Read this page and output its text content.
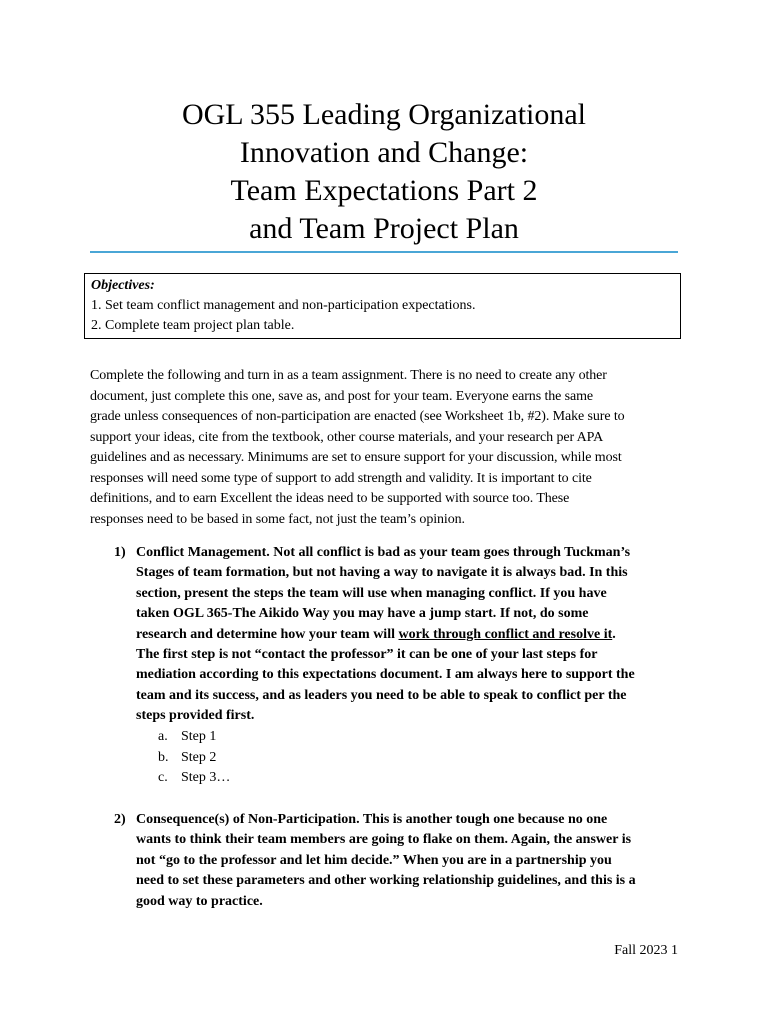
OGL 355 Leading Organizational
Innovation and Change:
Team Expectations Part 2
and Team Project Plan
Objectives:
1. Set team conflict management and non-participation expectations.
2. Complete team project plan table.
Complete the following and turn in as a team assignment. There is no need to create any other
document, just complete this one, save as, and post for your team. Everyone earns the same
grade unless consequences of non-participation are enacted (see Worksheet 1b, #2). Make sure to
support your ideas, cite from the textbook, other course materials, and your research per APA
guidelines and as necessary. Minimums are set to ensure support for your discussion, while most
responses will need some type of support to add strength and validity. It is important to cite
definitions, and to earn Excellent the ideas need to be supported with source too. These
responses need to be based in some fact, not just the team’s opinion.
1) Conflict Management. Not all conflict is bad as your team goes through Tuckman’s
Stages of team formation, but not having a way to navigate it is always bad. In this
section, present the steps the team will use when managing conflict. If you have
taken OGL 365-The Aikido Way you may have a jump start. If not, do some
research and determine how your team will work through conflict and resolve it.
The first step is not “contact the professor” it can be one of your last steps for
mediation according to this expectations document. I am always here to support the
team and its success, and as leaders you need to be able to speak to conflict per the
steps provided first.
a. Step 1
b. Step 2
c. Step 3…
2) Consequence(s) of Non-Participation. This is another tough one because no one
wants to think their team members are going to flake on them. Again, the answer is
not “go to the professor and let him decide.” When you are in a partnership you
need to set these parameters and other working relationship guidelines, and this is a
good way to practice.
Fall 2023 1
